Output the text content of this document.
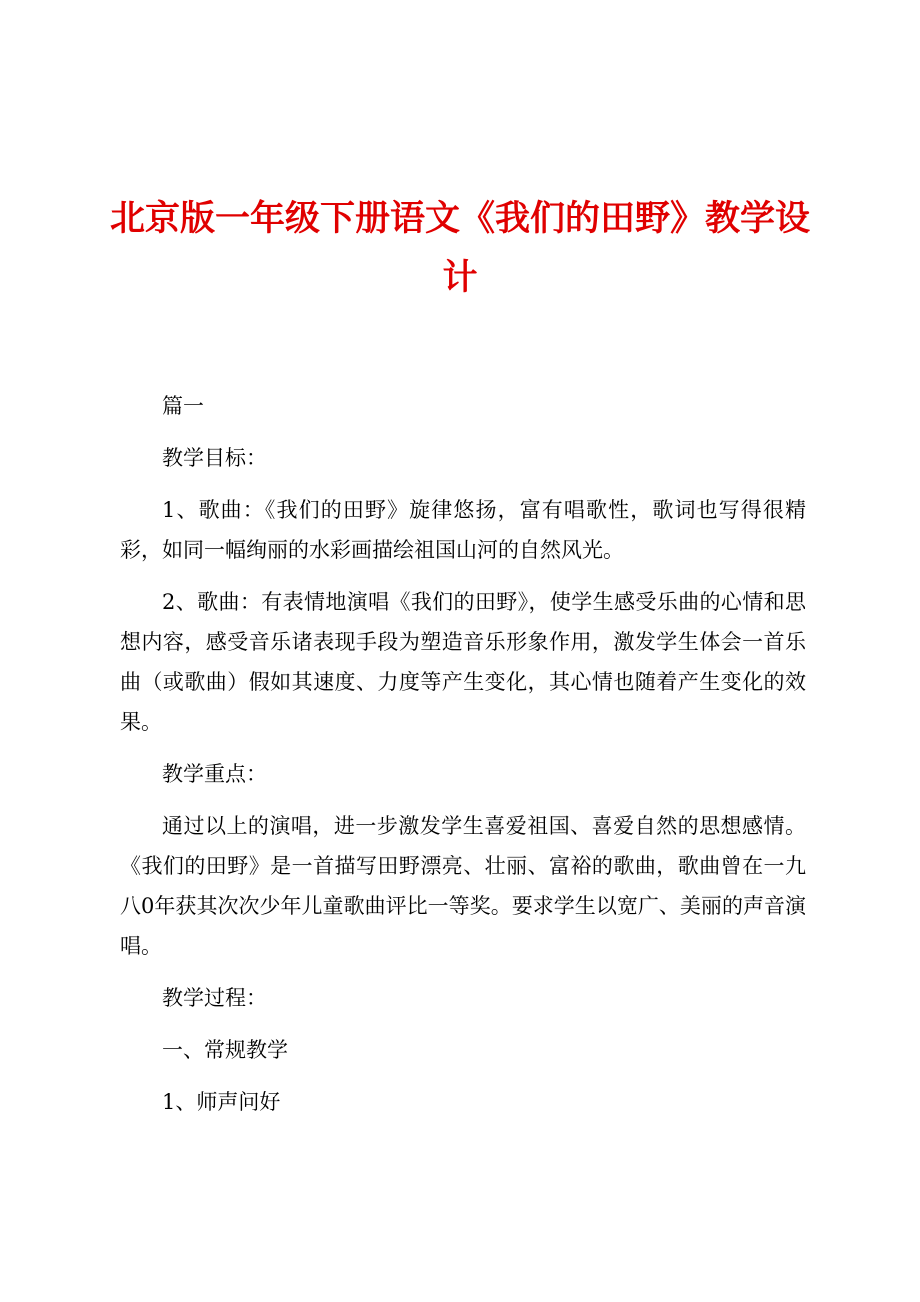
北京版一年级下册语文《我们的田野》教学设计

篇一

教学目标：

1、歌曲：《我们的田野》旋律悠扬，富有唱歌性，歌词也写得很精彩，如同一幅绚丽的水彩画描绘祖国山河的自然风光。

2、歌曲：有表情地演唱《我们的田野》，使学生感受乐曲的心情和思想内容，感受音乐诸表现手段为塑造音乐形象作用，激发学生体会一首乐曲（或歌曲）假如其速度、力度等产生变化，其心情也随着产生变化的效果。

教学重点：

通过以上的演唱，进一步激发学生喜爱祖国、喜爱自然的思想感情。《我们的田野》是一首描写田野漂亮、壮丽、富裕的歌曲，歌曲曾在一九八0年获其次次少年儿童歌曲评比一等奖。要求学生以宽广、美丽的声音演唱。

教学过程：

一、常规教学

1、师声问好
